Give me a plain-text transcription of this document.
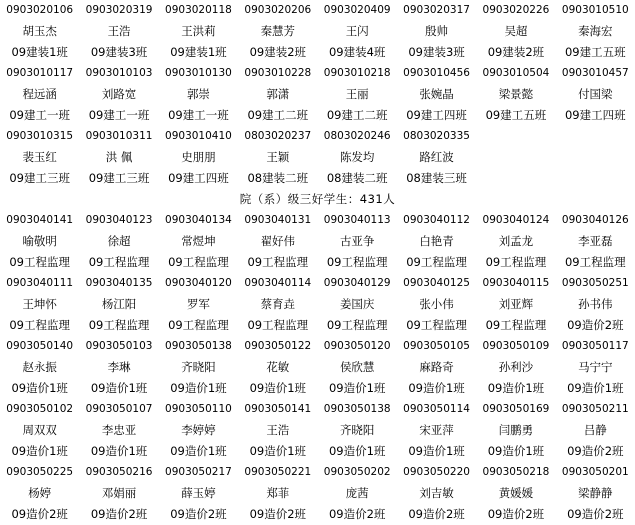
0903020106	0903020319	0903020118	0903020206	0903020409	0903020317	0903020226	0903010510
胡玉杰	王浩	王洪莉	秦慧芳	王闪	殷帅	吴超	秦海宏
09建装1班	09建装3班	09建装1班	09建装2班	09建装4班	09建装3班	09建装2班	09建工五班
0903010117	0903010103	0903010130	0903010228	0903010218	0903010456	0903010504	0903010457
程远涵	刘路宽	郭崇	郭潇	王丽	张婉晶	梁景懿	付国梁
09建工一班	09建工一班	09建工一班	09建工二班	09建工二班	09建工四班	09建工五班	09建工四班
0903010315	0903010311	0903010410	0803020237	0803020246	0803020335
裴玉红	洪 佩	史朋朋	王颖	陈发均	路红波
09建工三班	09建工三班	09建工四班	08建装二班	08建装二班	08建装三班
院（系）级三好学生：431人
0903040141	0903040123	0903040134	0903040131	0903040113	0903040112	0903040124	0903040126
喻敬明	徐超	常煜坤	翟好伟	古亚争	白艳青	刘孟龙	李亚磊
09工程监理	09工程监理	09工程监理	09工程监理	09工程监理	09工程监理	09工程监理	09工程监理
0903040111	0903040135	0903040120	0903040114	0903040129	0903040125	0903040115	0903050251
王坤怀	杨江阳	罗军	蔡育垚	姜国庆	张小伟	刘亚辉	孙书伟
09工程监理	09工程监理	09工程监理	09工程监理	09工程监理	09工程监理	09工程监理	09造价2班
0903050140	0903050103	0903050138	0903050122	0903050120	0903050105	0903050109	0903050117
赵永振	李琳	齐晓阳	花敏	侯欣慧	麻路奇	孙利沙	马宁宁
09造价1班	09造价1班	09造价1班	09造价1班	09造价1班	09造价1班	09造价1班	09造价1班
0903050102	0903050107	0903050110	0903050141	0903050138	0903050114	0903050169	0903050211
周双双	李忠亚	李婷婷	王浩	齐晓阳	宋亚萍	闫鹏勇	吕静
09造价1班	09造价1班	09造价1班	09造价1班	09造价1班	09造价1班	09造价1班	09造价2班
0903050225	0903050216	0903050217	0903050221	0903050202	0903050220	0903050218	0903050201
杨婷	邓娟丽	薛玉婷	郑菲	庞茜	刘吉敏	黄媛媛	梁静静
09造价2班	09造价2班	09造价2班	09造价2班	09造价2班	09造价2班	09造价2班	09造价2班
